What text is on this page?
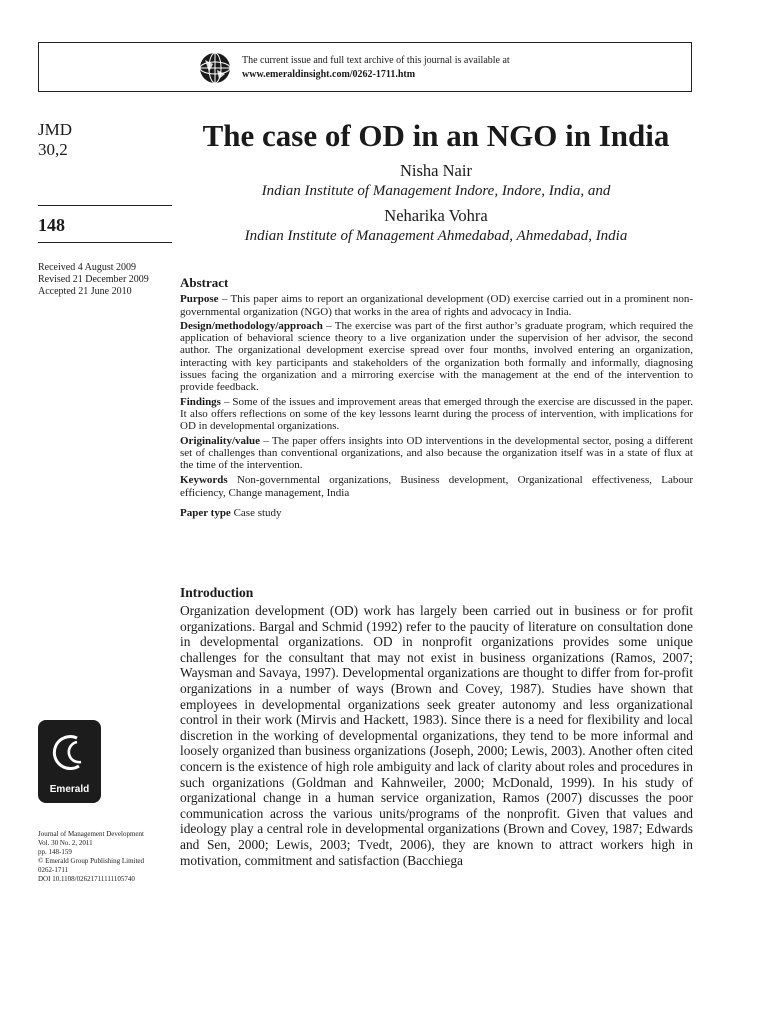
The current issue and full text archive of this journal is available at
www.emeraldinsight.com/0262-1711.htm
JMD
30,2
148
Received 4 August 2009
Revised 21 December 2009
Accepted 21 June 2010
The case of OD in an NGO in India
Nisha Nair
Indian Institute of Management Indore, Indore, India, and
Neharika Vohra
Indian Institute of Management Ahmedabad, Ahmedabad, India
Abstract

Purpose – This paper aims to report an organizational development (OD) exercise carried out in a prominent non-governmental organization (NGO) that works in the area of rights and advocacy in India.

Design/methodology/approach – The exercise was part of the first author’s graduate program, which required the application of behavioral science theory to a live organization under the supervision of her advisor, the second author. The organizational development exercise spread over four months, involved entering an organization, interacting with key participants and stakeholders of the organization both formally and informally, diagnosing issues facing the organization and a mirroring exercise with the management at the end of the intervention to provide feedback.

Findings – Some of the issues and improvement areas that emerged through the exercise are discussed in the paper. It also offers reflections on some of the key lessons learnt during the process of intervention, with implications for OD in developmental organizations.

Originality/value – The paper offers insights into OD interventions in the developmental sector, posing a different set of challenges than conventional organizations, and also because the organization itself was in a state of flux at the time of the intervention.

Keywords Non-governmental organizations, Business development, Organizational effectiveness, Labour efficiency, Change management, India

Paper type Case study

Introduction

Organization development (OD) work has largely been carried out in business or for profit organizations. Bargal and Schmid (1992) refer to the paucity of literature on consultation done in developmental organizations. OD in nonprofit organizations provides some unique challenges for the consultant that may not exist in business organizations (Ramos, 2007; Waysman and Savaya, 1997). Developmental organizations are thought to differ from for-profit organizations in a number of ways (Brown and Covey, 1987). Studies have shown that employees in developmental organizations seek greater autonomy and less organizational control in their work (Mirvis and Hackett, 1983). Since there is a need for flexibility and local discretion in the working of developmental organizations, they tend to be more informal and loosely organized than business organizations (Joseph, 2000; Lewis, 2003). Another often cited concern is the existence of high role ambiguity and lack of clarity about roles and procedures in such organizations (Goldman and Kahnweiler, 2000; McDonald, 1999). In his study of organizational change in a human service organization, Ramos (2007) discusses the poor communication across the various units/programs of the nonprofit. Given that values and ideology play a central role in developmental organizations (Brown and Covey, 1987; Edwards and Sen, 2000; Lewis, 2003; Tvedt, 2006), they are known to attract workers high in motivation, commitment and satisfaction (Bacchiega

Emerald
Journal of Management Development
Vol. 30 No. 2, 2011
pp. 148-159
© Emerald Group Publishing Limited
0262-1711
DOI 10.1108/02621711111105740
